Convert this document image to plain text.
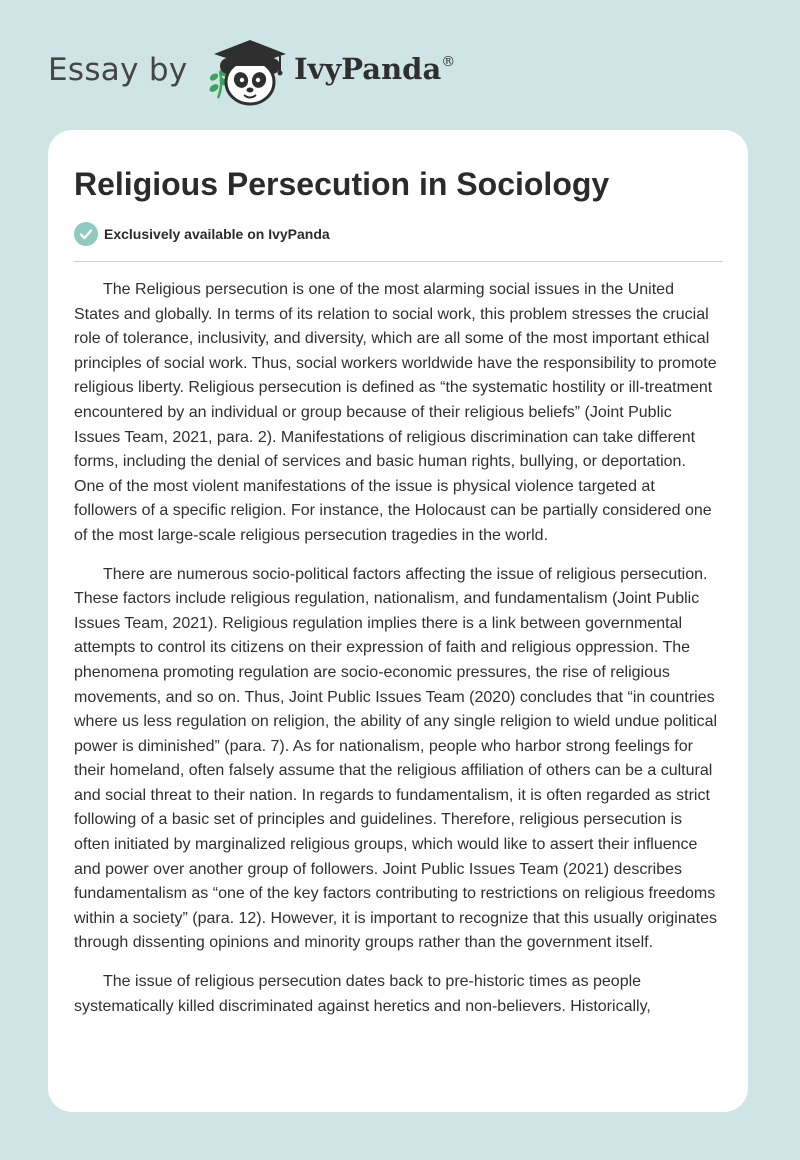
Essay by	IvyPanda®
Religious Persecution in Sociology
Exclusively available on IvyPanda

The Religious persecution is one of the most alarming social issues in the United States and globally. In terms of its relation to social work, this problem stresses the crucial role of tolerance, inclusivity, and diversity, which are all some of the most important ethical principles of social work. Thus, social workers worldwide have the responsibility to promote religious liberty. Religious persecution is defined as “the systematic hostility or ill-treatment encountered by an individual or group because of their religious beliefs” (Joint Public Issues Team, 2021, para. 2). Manifestations of religious discrimination can take different forms, including the denial of services and basic human rights, bullying, or deportation. One of the most violent manifestations of the issue is physical violence targeted at followers of a specific religion. For instance, the Holocaust can be partially considered one of the most large-scale religious persecution tragedies in the world.

There are numerous socio-political factors affecting the issue of religious persecution. These factors include religious regulation, nationalism, and fundamentalism (Joint Public Issues Team, 2021). Religious regulation implies there is a link between governmental attempts to control its citizens on their expression of faith and religious oppression. The phenomena promoting regulation are socio-economic pressures, the rise of religious movements, and so on. Thus, Joint Public Issues Team (2020) concludes that “in countries where us less regulation on religion, the ability of any single religion to wield undue political power is diminished” (para. 7). As for nationalism, people who harbor strong feelings for their homeland, often falsely assume that the religious affiliation of others can be a cultural and social threat to their nation. In regards to fundamentalism, it is often regarded as strict following of a basic set of principles and guidelines. Therefore, religious persecution is often initiated by marginalized religious groups, which would like to assert their influence and power over another group of followers. Joint Public Issues Team (2021) describes fundamentalism as “one of the key factors contributing to restrictions on religious freedoms within a society” (para. 12). However, it is important to recognize that this usually originates through dissenting opinions and minority groups rather than the government itself.

The issue of religious persecution dates back to pre-historic times as people systematically killed discriminated against heretics and non-believers. Historically,
